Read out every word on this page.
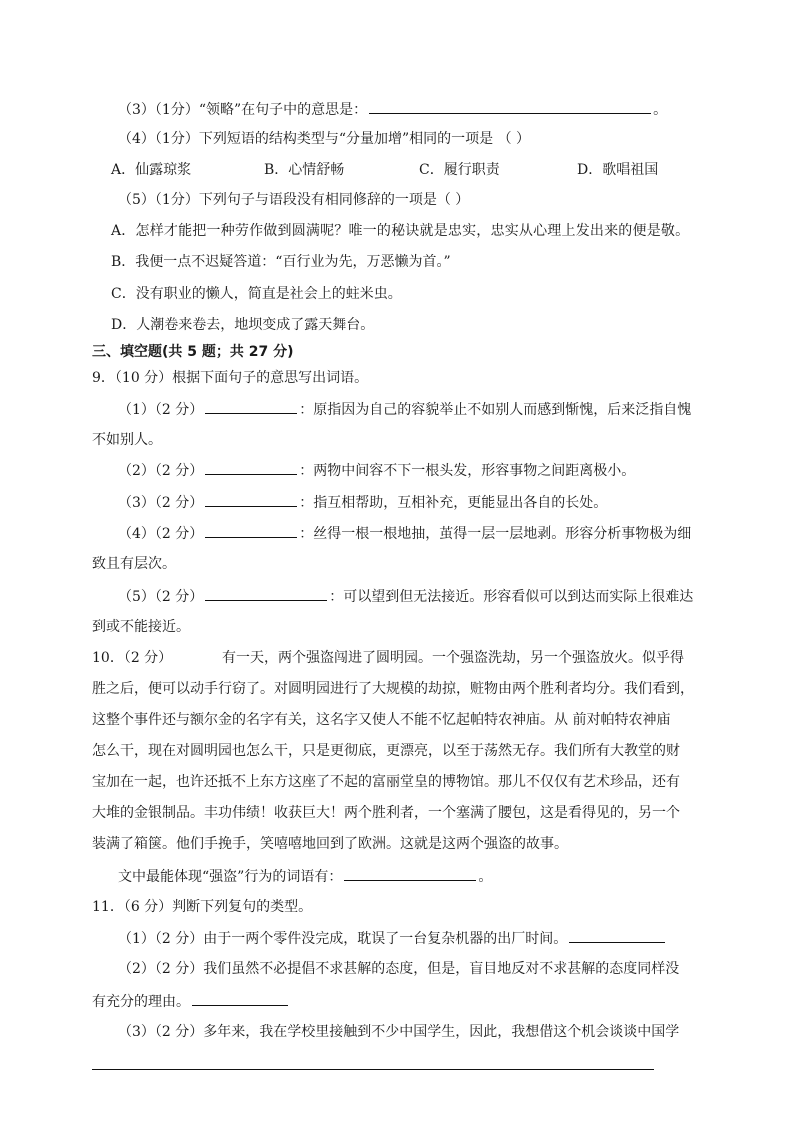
（3）（1分）“领略”在句子中的意思是：	。
（4）（1分）下列短语的结构类型与“分量加增”相同的一项是 （ ）
A．仙露琼浆	B．心情舒畅	C．履行职责	D．歌唱祖国
（5）（1分）下列句子与语段没有相同修辞的一项是（ ）
A．怎样才能把一种劳作做到圆满呢？唯一的秘诀就是忠实，忠实从心理上发出来的便是敬。
B．我便一点不迟疑答道：“百行业为先，万恶懒为首。”
C．没有职业的懒人，简直是社会上的蛀米虫。
D．人潮卷来卷去，地坝变成了露天舞台。
三、填空题(共 5 题；共 27 分)
9．（10 分）根据下面句子的意思写出词语。
（1）（2 分）	：原指因为自己的容貌举止不如别人而感到惭愧，后来泛指自愧
不如别人。
（2）（2 分）	：两物中间容不下一根头发，形容事物之间距离极小。
（3）（2 分）	：指互相帮助，互相补充，更能显出各自的长处。
（4）（2 分）	：丝得一根一根地抽，茧得一层一层地剥。形容分析事物极为细
致且有层次。
（5）（2 分）	：可以望到但无法接近。形容看似可以到达而实际上很难达
到或不能接近。
10．（2 分）	有一天，两个强盗闯进了圆明园。一个强盗洗劫，另一个强盗放火。似乎得
胜之后，便可以动手行窃了。对圆明园进行了大规模的劫掠，赃物由两个胜利者均分。我们看到，
这整个事件还与额尔金的名字有关，这名字又使人不能不忆起帕特农神庙。从 前对帕特农神庙
怎么干，现在对圆明园也怎么干，只是更彻底，更漂亮，以至于荡然无存。我们所有大教堂的财
宝加在一起，也许还抵不上东方这座了不起的富丽堂皇的博物馆。那儿不仅仅有艺术珍品，还有
大堆的金银制品。丰功伟绩！收获巨大！两个胜利者，一个塞满了腰包，这是看得见的，另一个
装满了箱箧。他们手挽手，笑嘻嘻地回到了欧洲。这就是这两个强盗的故事。
文中最能体现“强盗”行为的词语有：	。
11．（6 分）判断下列复句的类型。
（1）（2 分）由于一两个零件没完成，耽误了一台复杂机器的出厂时间。
（2）（2 分）我们虽然不必提倡不求甚解的态度，但是，盲目地反对不求甚解的态度同样没
有充分的理由。
（3）（2 分）多年来，我在学校里接触到不少中国学生，因此，我想借这个机会谈谈中国学
